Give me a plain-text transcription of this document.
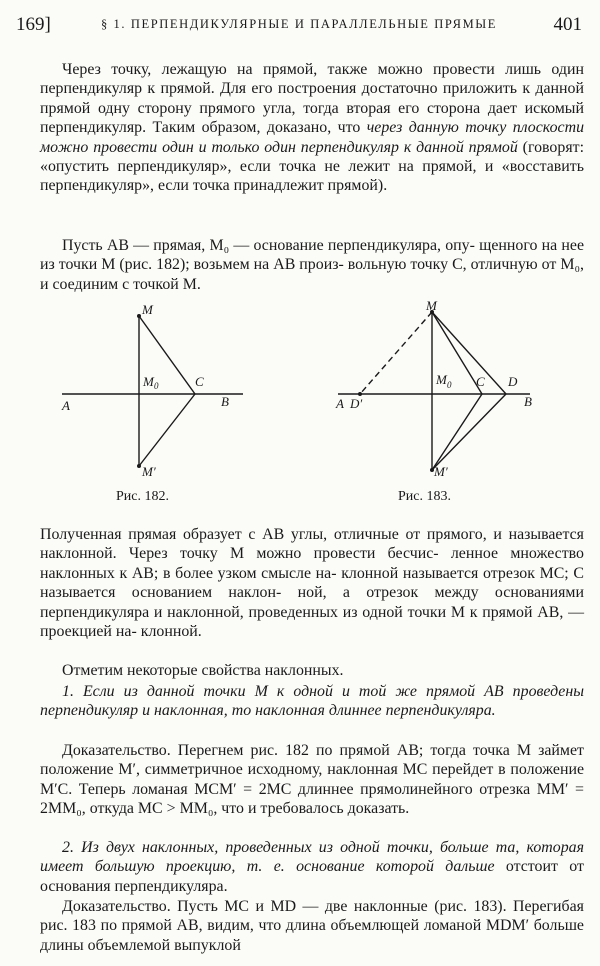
169]	§ 1. ПЕРПЕНДИКУЛЯРНЫЕ И ПАРАЛЛЕЛЬНЫЕ ПРЯМЫЕ	401
Через точку, лежащую на прямой, также можно провести лишь один перпендикуляр к прямой. Для его построения достаточно приложить к данной прямой одну сторону прямого угла, тогда вторая его сторона дает искомый перпендикуляр. Таким образом, доказано, что через данную точку плоскости можно провести один и только один перпендикуляр к данной прямой (говорят: «опустить перпендикуляр», если точка не лежит на прямой, и «восставить перпендикуляр», если точка принадлежит прямой).
Пусть AB — прямая, M₀ — основание перпендикуляра, опу- щенного на нее из точки M (рис. 182); возьмем на AB произ- вольную точку C, отличную от M₀, и соединим с точкой M.
M
M 0	C
A	B
M′
Рис. 182.
M
M 0 C D
A D′	B
M′
Рис. 183.
Полученная прямая образует с AB углы, отличные от прямого, и называется наклонной. Через точку M можно провести бесчис- ленное множество наклонных к AB; в более узком смысле на- клонной называется отрезок MC; C называется основанием наклон- ной, а отрезок между основаниями перпендикуляра и наклонной, проведенных из одной точки M к прямой AB, — проекцией на- клонной.
Отметим некоторые свойства наклонных.
1. Если из данной точки M к одной и той же прямой AB проведены перпендикуляр и наклонная, то наклонная длиннее перпендикуляра.
Доказательство. Перегнем рис. 182 по прямой AB; тогда точка M займет положение M′, симметричное исходному, наклонная MC перейдет в положение M′C. Теперь ломаная MCM′ = 2MC длиннее прямолинейного отрезка MM′ = 2MM₀, откуда MC > MM₀, что и требовалось доказать.
2. Из двух наклонных, проведенных из одной точки, больше та, которая имеет большую проекцию, т. е. основание которой дальше отстоит от основания перпендикуляра.
Доказательство. Пусть MC и MD — две наклонные (рис. 183). Перегибая рис. 183 по прямой AB, видим, что длина объемлющей ломаной MDM′ больше длины объемлемой выпуклой
